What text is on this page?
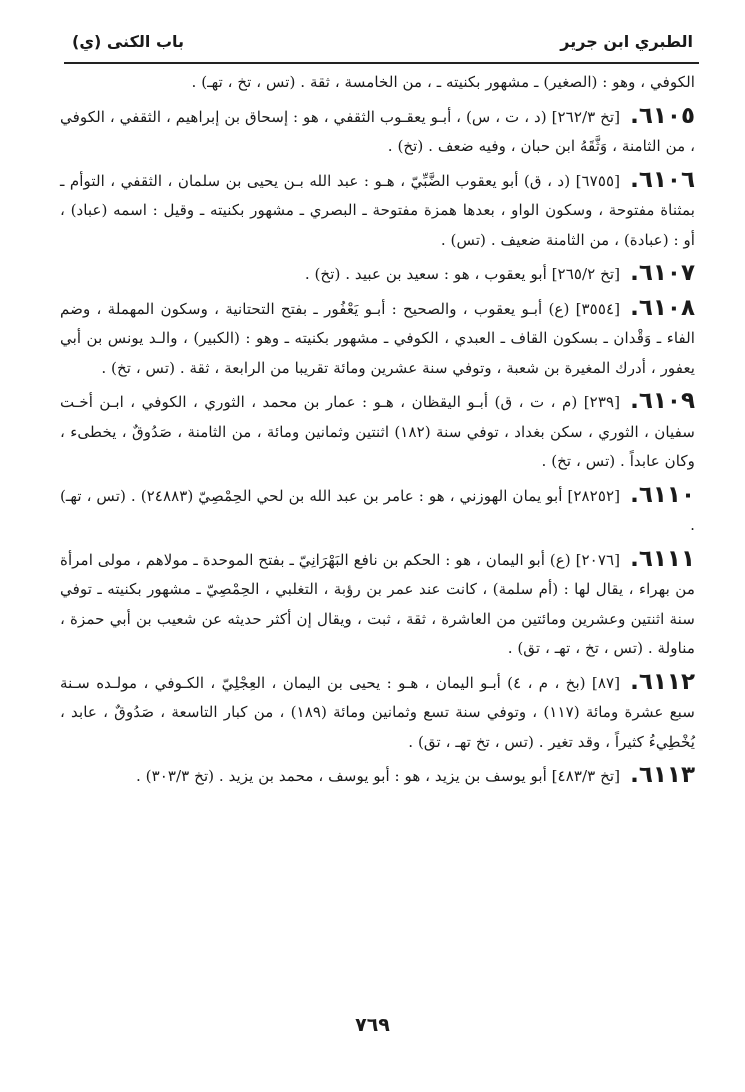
الطبري ابن جرير
باب الكنى (ي)

الكوفي ، وهو : (الصغير) ـ مشهور بكنيته ـ ، من الخامسة ، ثقة . (تس ، تخ ، تهـ) .

٦١٠٥.[تخ ٢٦٢/٣] (د ، ت ، س) ، أبـو يعقـوب الثقفي ، هو : إسحاق بن إبراهيم ، الثقفي ، الكوفي ، من الثامنة ، وَثَّقَهُ ابن حبان ، وفيه ضعف . (تخ) .

٦١٠٦.[٦٧٥٥] (د ، ق) أبو يعقوب الضَّبِّيّ ، هـو : عبد الله بـن يحيى بن سلمان ، الثقفي ، التوأم ـ بمثناة مفتوحة ، وسكون الواو ، بعدها همزة مفتوحة ـ البصري ـ مشهور بكنيته ـ وقيل : اسمه (عباد) ، أو : (عبادة) ، من الثامنة ضعيف . (تس) .

٦١٠٧.[تخ ٢٦٥/٢] أبو يعقوب ، هو : سعيد بن عبيد . (تخ) .

٦١٠٨.[٣٥٥٤] (ع) أبـو يعقوب ، والصحيح : أبـو يَعْفُور ـ بفتح التحتانية ، وسكون المهملة ، وضم الفاء ـ وَقْدان ـ بسكون القاف ـ العبدي ، الكوفي ـ مشهور بكنيته ـ وهو : (الكبير) ، والـد يونس بن أبي يعفور ، أدرك المغيرة بن شعبة ، وتوفي سنة عشرين ومائة تقريبا من الرابعة ، ثقة . (تس ، تخ) .

٦١٠٩.[٢٣٩] (م ، ت ، ق) أبـو اليقظان ، هـو : عمار بن محمد ، الثوري ، الكوفي ، ابـن أخـت سفيان ، الثوري ، سكن بغداد ، توفي سنة (١٨٢) اثنتين وثمانين ومائة ، من الثامنة ، صَدُوقٌ ، يخطىء ، وكان عابداً . (تس ، تخ) .

٦١١٠.[٢٨٢٥٢] أبو يمان الهوزني ، هو : عامر بن عبد الله بن لحي الحِمْصِيّ (٢٤٨٨٣) . (تس ، تهـ) .

٦١١١.[٢٠٧٦] (ع) أبو اليمان ، هو : الحكم بن نافع البَهْرَانِيّ ـ بفتح الموحدة ـ مولاهم ، مولى امرأة من بهراء ، يقال لها : (أم سلمة) ، كانت عند عمر بن رؤبة ، التغلبي ، الحِمْصِيّ ـ مشهور بكنيته ـ توفي سنة اثنتين وعشرين ومائتين من العاشرة ، ثقة ، ثبت ، ويقال إن أكثر حديثه عن شعيب بن أبي حمزة ، مناولة . (تس ، تخ ، تهـ ، تق) .

٦١١٢.[٨٧] (بخ ، م ، ٤) أبـو اليمان ، هـو : يحيى بن اليمان ، العِجْلِيّ ، الكـوفي ، مولـده سـنة سبع عشرة ومائة (١١٧) ، وتوفي سنة تسع وثمانين ومائة (١٨٩) ، من كبار التاسعة ، صَدُوقٌ ، عابد ، يُخْطِيءُ كثيراً ، وقد تغير . (تس ، تخ تهـ ، تق) .

٦١١٣.[تخ ٤٨٣/٣] أبو يوسف بن يزيد ، هو : أبو يوسف ، محمد بن يزيد . (تخ ٣٠٣/٣) .

٧٦٩
